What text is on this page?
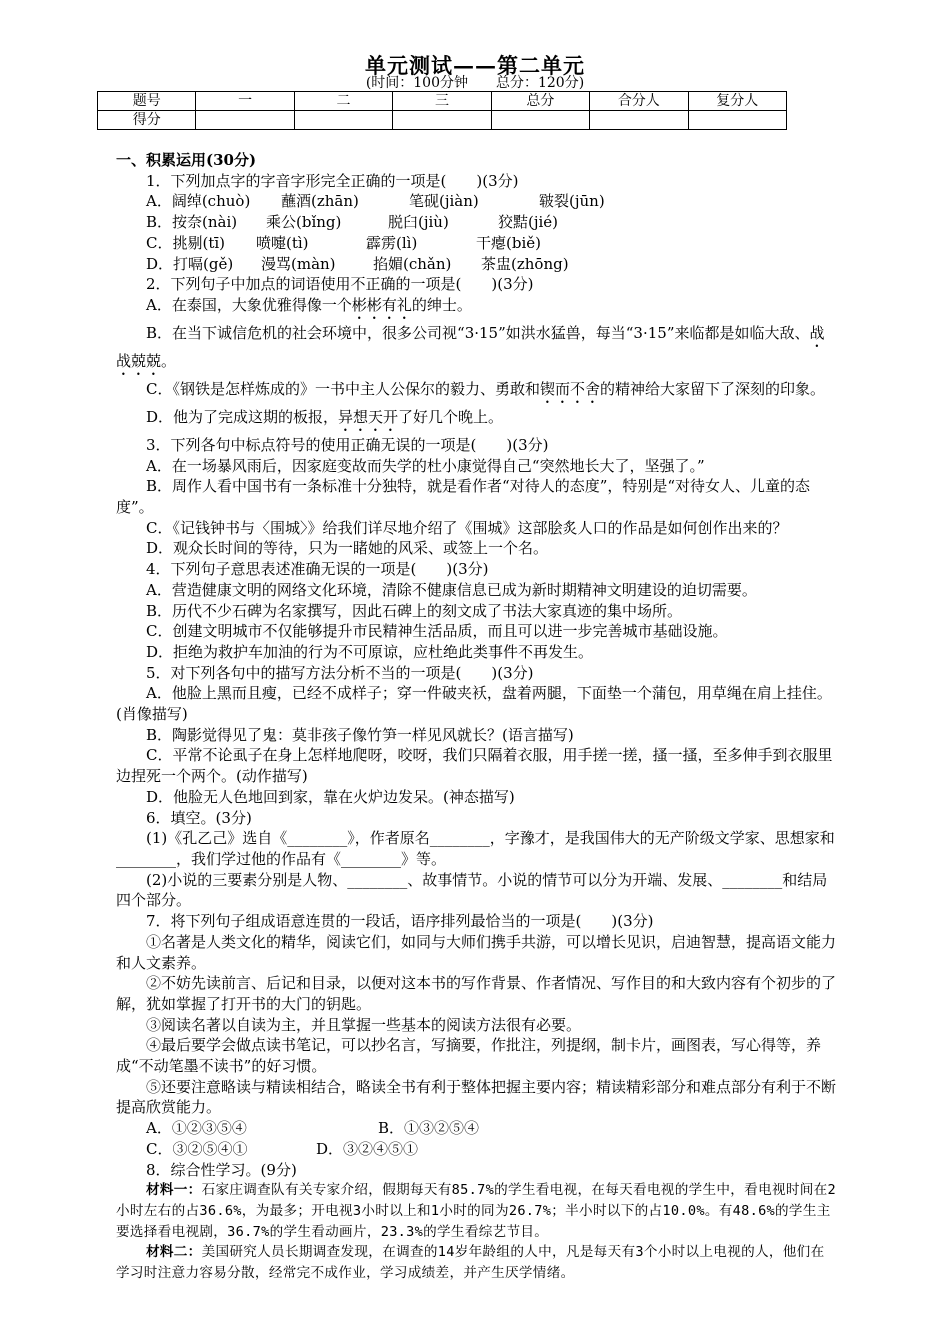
单元测试——第二单元
(时间：100分钟　　总分：120分)
题号	一	二	三	总分	合分人	复分人
得分						

一、积累运用(30分)

1．下列加点字的字音字形完全正确的一项是(　　)(3分)

A．阔绰(chuò) 蘸酒(zhān)	笔砚(jiàn)	皲裂(jūn)

B．按奈(nài) 乘公(bǐng)	脱臼(jiù)	狡黠(jié)

C．挑剔(tī) 喷嚏(tì)	霹雳(lì)	干瘪(biě)

D．打嗝(gě) 漫骂(màn) 掐媚(chǎn) 茶盅(zhōng)

2．下列句子中加点的词语使用不正确的一项是(　　)(3分)

A．在泰国，大象优雅得像一个彬彬有礼的绅士。

B．在当下诚信危机的社会环境中，很多公司视“3·15”如洪水猛兽，每当“3·15”来临都是如临大敌、战战兢兢。

C．《钢铁是怎样炼成的》一书中主人公保尔的毅力、勇敢和锲而不舍的精神给大家留下了深刻的印象。

D．他为了完成这期的板报，异想天开了好几个晚上。

3．下列各句中标点符号的使用正确无误的一项是(　　)(3分)

A．在一场暴风雨后，因家庭变故而失学的杜小康觉得自己“突然地长大了，坚强了。”

B．周作人看中国书有一条标准十分独特，就是看作者“对待人的态度”，特别是“对待女人、儿童的态度”。

C．《记钱钟书与〈围城〉》给我们详尽地介绍了《围城》这部脍炙人口的作品是如何创作出来的？

D．观众长时间的等待，只为一睹她的风采、或签上一个名。

4．下列句子意思表述准确无误的一项是(　　)(3分)

A．营造健康文明的网络文化环境，清除不健康信息已成为新时期精神文明建设的迫切需要。

B．历代不少石碑为名家撰写，因此石碑上的刻文成了书法大家真迹的集中场所。

C．创建文明城市不仅能够提升市民精神生活品质，而且可以进一步完善城市基础设施。

D．拒绝为救护车加油的行为不可原谅，应杜绝此类事件不再发生。

5．对下列各句中的描写方法分析不当的一项是(　　)(3分)

A．他脸上黑而且瘦，已经不成样子；穿一件破夹袄，盘着两腿，下面垫一个蒲包，用草绳在肩上挂住。(肖像描写)

B．陶影觉得见了鬼：莫非孩子像竹笋一样见风就长？(语言描写)

C．平常不论虱子在身上怎样地爬呀，咬呀，我们只隔着衣服，用手搓一搓，搔一搔，至多伸手到衣服里边捏死一个两个。(动作描写)

D．他脸无人色地回到家，靠在火炉边发呆。(神态描写)

6．填空。(3分)

(1)《孔乙己》选自《________》，作者原名________，字豫才，是我国伟大的无产阶级文学家、思想家和________，我们学过他的作品有《________》等。

(2)小说的三要素分别是人物、________、故事情节。小说的情节可以分为开端、发展、________和结局四个部分。

7．将下列句子组成语意连贯的一段话，语序排列最恰当的一项是(　　)(3分)

①名著是人类文化的精华，阅读它们，如同与大师们携手共游，可以增长见识，启迪智慧，提高语文能力和人文素养。

②不妨先读前言、后记和目录，以便对这本书的写作背景、作者情况、写作目的和大致内容有个初步的了解，犹如掌握了打开书的大门的钥匙。

③阅读名著以自读为主，并且掌握一些基本的阅读方法很有必要。

④最后要学会做点读书笔记，可以抄名言，写摘要，作批注，列提纲，制卡片，画图表，写心得等，养成“不动笔墨不读书”的好习惯。

⑤还要注意略读与精读相结合，略读全书有利于整体把握主要内容；精读精彩部分和难点部分有利于不断提高欣赏能力。

A．①②③⑤④	B．①③②⑤④

C．③②⑤④①	D．③②④⑤①

8．综合性学习。(9分)

材料一：石家庄调查队有关专家介绍，假期每天有85.7%的学生看电视，在每天看电视的学生中，看电视时间在2小时左右的占36.6%，为最多；开电视3小时以上和1小时的同为26.7%；半小时以下的占10.0%。有48.6%的学生主要选择看电视剧，36.7%的学生看动画片，23.3%的学生看综艺节目。

材料二：美国研究人员长期调查发现，在调查的14岁年龄组的人中，凡是每天有3个小时以上电视的人，他们在学习时注意力容易分散，经常完不成作业，学习成绩差，并产生厌学情绪。
